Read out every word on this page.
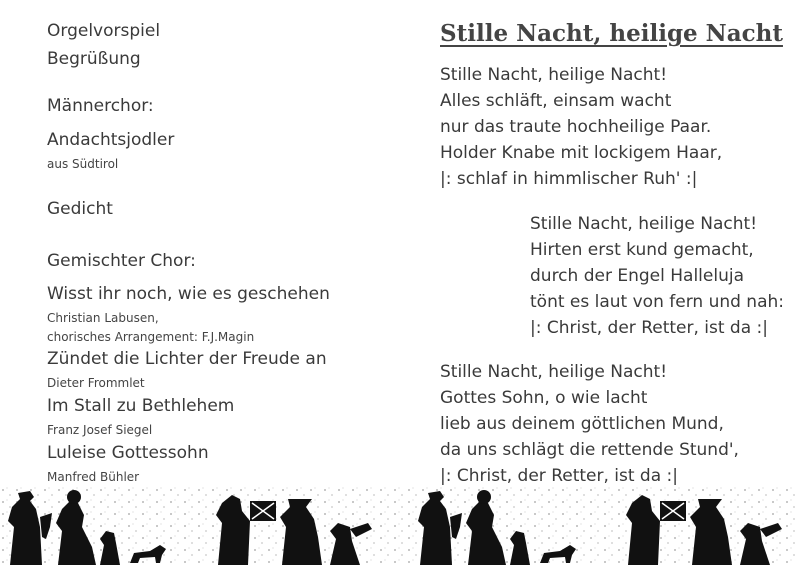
Orgelvorspiel

Begrüßung

Männerchor:

Andachtsjodler

aus Südtirol

Gedicht

Gemischter Chor:

Wisst ihr noch, wie es geschehen

Christian Labusen,

chorisches Arrangement: F.J.Magin

Zündet die Lichter der Freude an

Dieter Frommlet

Im Stall zu Bethlehem

Franz Josef Siegel

Luleise Gottessohn

Manfred Bühler

Stille Nacht, heilige Nacht

Stille Nacht, heilige Nacht!

Alles schläft, einsam wacht

nur das traute hochheilige Paar.

Holder Knabe mit lockigem Haar,

|: schlaf in himmlischer Ruh' :|

Stille Nacht, heilige Nacht!

Hirten erst kund gemacht,

durch der Engel Halleluja

tönt es laut von fern und nah:

|: Christ, der Retter, ist da :|

Stille Nacht, heilige Nacht!

Gottes Sohn, o wie lacht

lieb aus deinem göttlichen Mund,

da uns schlägt die rettende Stund',

|: Christ, der Retter, ist da :|
